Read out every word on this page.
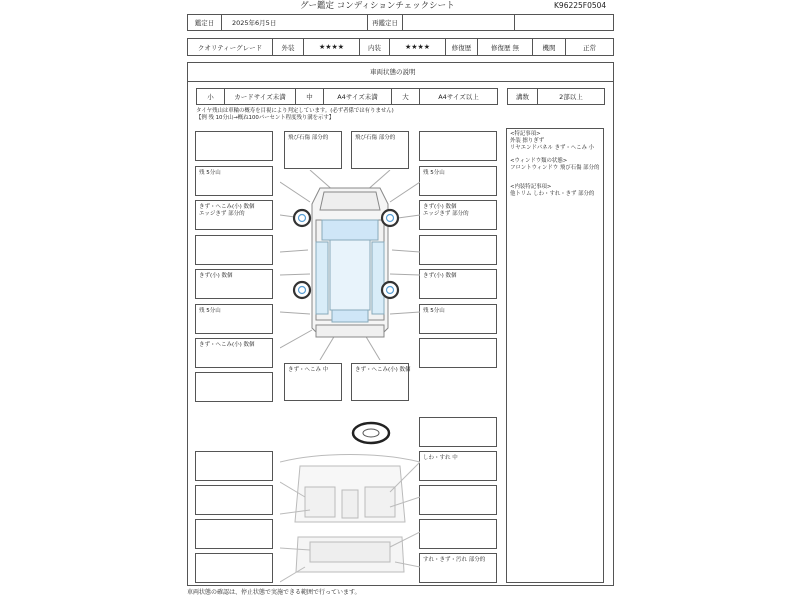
グー鑑定 コンディションチェックシート	K96225F0504
鑑定日	2025年6月5日	再鑑定日
クオリティーグレード	外装	★★★★	内装	★★★★	修復歴	修復歴 無	機関	正常
車両状態の説明
小	カードサイズ未満	中	A4サイズ未満	大	A4サイズ以上	溝数	2部以上
タイヤ残山は車輪の概寿を目視により判定しています。(必ず者係では有りません)
【例 残 10分山→概ね100パーセント程度残り溝を示す】
<特記事項>
外装 擦りぎず
リヤエンドパネル きず・へこみ 小
<ウィンドウ類の状態>
フロントウィンドウ 飛び石傷 部分的
<内装特記事項>
他トリム しわ・すれ・きず 部分的
残 5分山
きず・へこみ(小) 数個
エッジきず 部分的
きず(小) 数個
残 5分山
きず・へこみ(小) 数個
残 5分山
きず(小) 数個
エッジきず 部分的
きず(小) 数個
残 5分山
しわ・すれ 中
すれ・きず・汚れ 部分的
飛び石傷 部分的	飛び石傷 部分的
きず・へこみ 中	きず・へこみ(小) 数個
車両状態の確認は、停止状態で実施できる範囲で行っています。
